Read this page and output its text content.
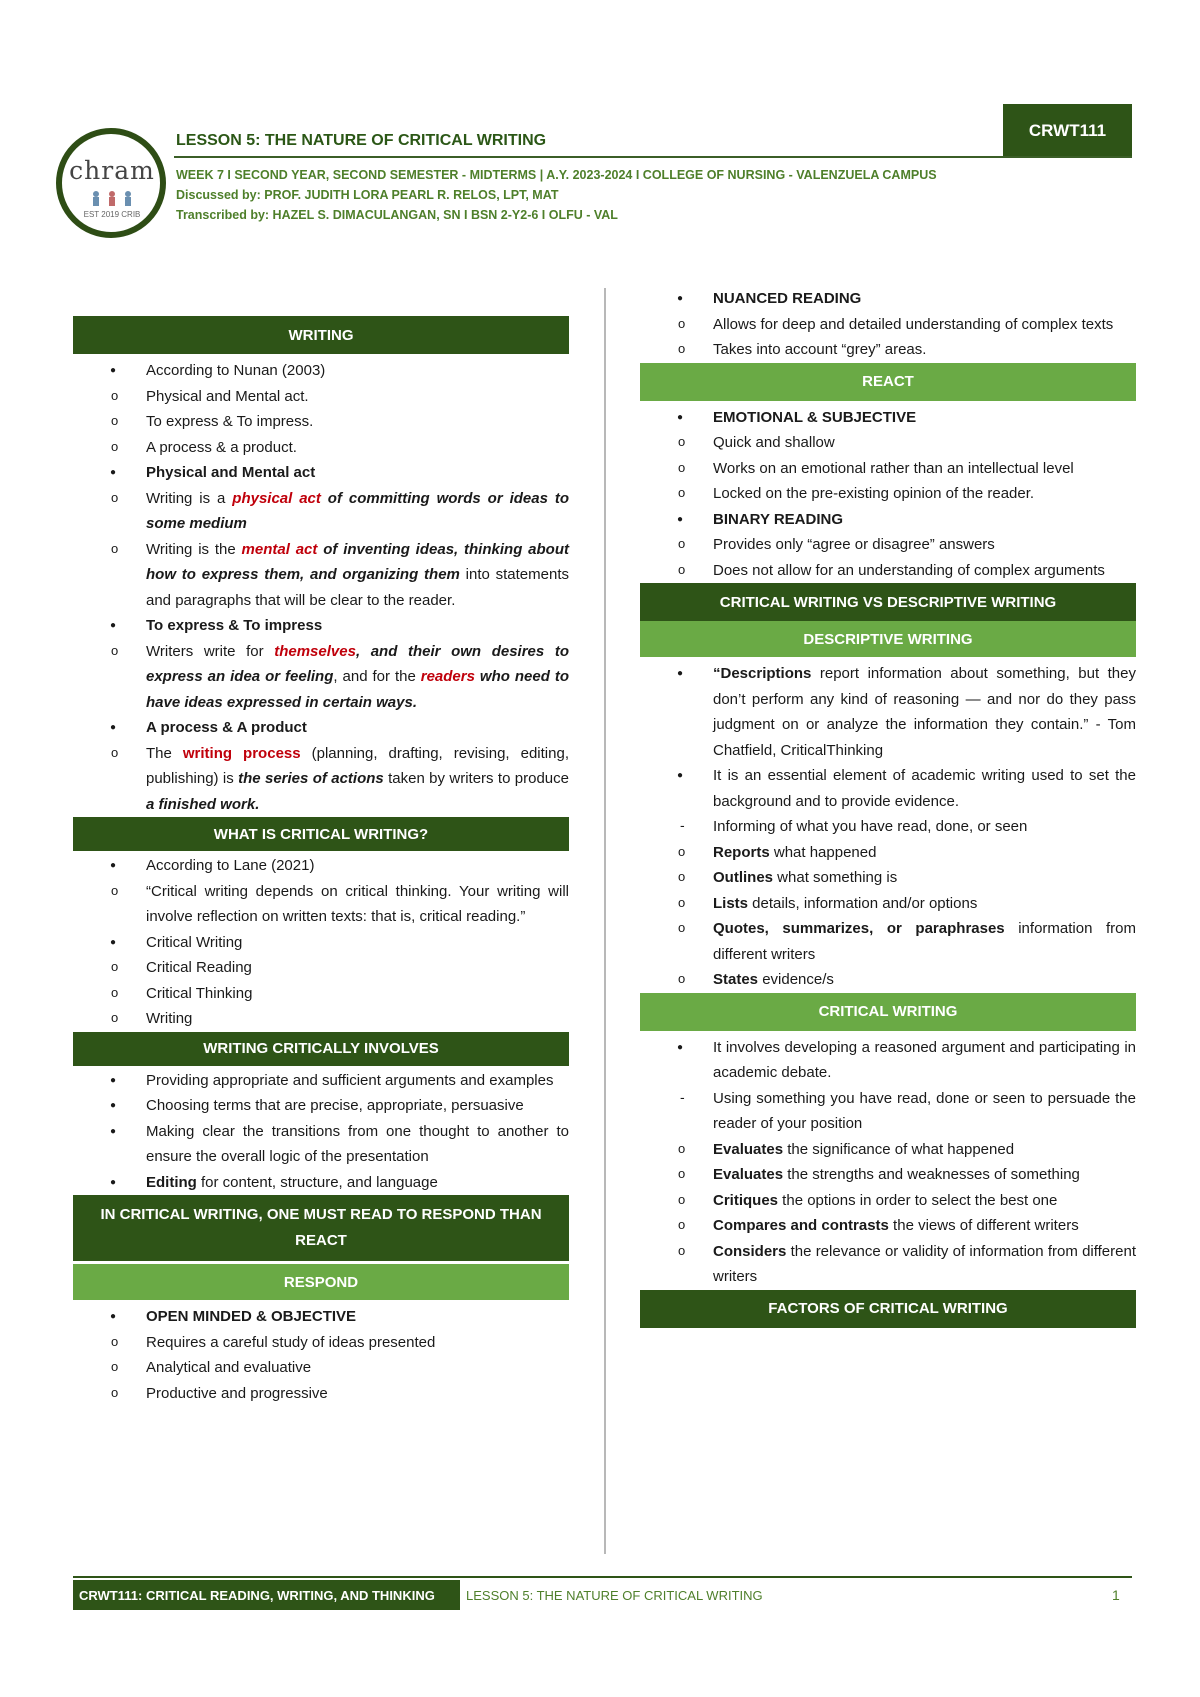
chram
EST 2019 CRIB
CRWT111
LESSON 5: THE NATURE OF CRITICAL WRITING
WEEK 7 I SECOND YEAR, SECOND SEMESTER - MIDTERMS | A.Y. 2023-2024 I COLLEGE OF NURSING - VALENZUELA CAMPUS
Discussed by: PROF. JUDITH LORA PEARL R. RELOS, LPT, MAT
Transcribed by: HAZEL S. DIMACULANGAN, SN I BSN 2-Y2-6 I OLFU - VAL
WRITING
● According to Nunan (2003)
o Physical and Mental act.
o To express & To impress.
o A process & a product.
● Physical and Mental act
o Writing is a physical act of committing words or ideas to some medium
o Writing is the mental act of inventing ideas, thinking about how to express them, and organizing them into statements and paragraphs that will be clear to the reader.
● To express & To impress
o Writers write for themselves, and their own desires to express an idea or feeling, and for the readers who need to have ideas expressed in certain ways.
● A process & A product
o The writing process (planning, drafting, revising, editing, publishing) is the series of actions taken by writers to produce a finished work.
WHAT IS CRITICAL WRITING?
● According to Lane (2021)
o “Critical writing depends on critical thinking. Your writing will involve reflection on written texts: that is, critical reading.”
● Critical Writing
o Critical Reading
o Critical Thinking
o Writing
WRITING CRITICALLY INVOLVES
● Providing appropriate and sufficient arguments and examples
● Choosing terms that are precise, appropriate, persuasive
● Making clear the transitions from one thought to another to ensure the overall logic of the presentation
● Editing for content, structure, and language
IN CRITICAL WRITING, ONE MUST READ TO RESPOND THAN REACT
RESPOND
● OPEN MINDED & OBJECTIVE
o Requires a careful study of ideas presented
o Analytical and evaluative
o Productive and progressive
● NUANCED READING
o Allows for deep and detailed understanding of complex texts
o Takes into account “grey” areas.
REACT
● EMOTIONAL & SUBJECTIVE
o Quick and shallow
o Works on an emotional rather than an intellectual level
o Locked on the pre-existing opinion of the reader.
● BINARY READING
o Provides only “agree or disagree” answers
o Does not allow for an understanding of complex arguments
CRITICAL WRITING VS DESCRIPTIVE WRITING
DESCRIPTIVE WRITING
● “Descriptions report information about something, but they don’t perform any kind of reasoning — and nor do they pass judgment on or analyze the information they contain.” - Tom Chatfield, CriticalThinking
● It is an essential element of academic writing used to set the background and to provide evidence.
- Informing of what you have read, done, or seen
o Reports what happened
o Outlines what something is
o Lists details, information and/or options
o Quotes, summarizes, or paraphrases information from different writers
o States evidence/s
CRITICAL WRITING
● It involves developing a reasoned argument and participating in academic debate.
- Using something you have read, done or seen to persuade the reader of your position
o Evaluates the significance of what happened
o Evaluates the strengths and weaknesses of something
o Critiques the options in order to select the best one
o Compares and contrasts the views of different writers
o Considers the relevance or validity of information from different writers
FACTORS OF CRITICAL WRITING
CRWT111: CRITICAL READING, WRITING, AND THINKING	LESSON 5: THE NATURE OF CRITICAL WRITING	1
